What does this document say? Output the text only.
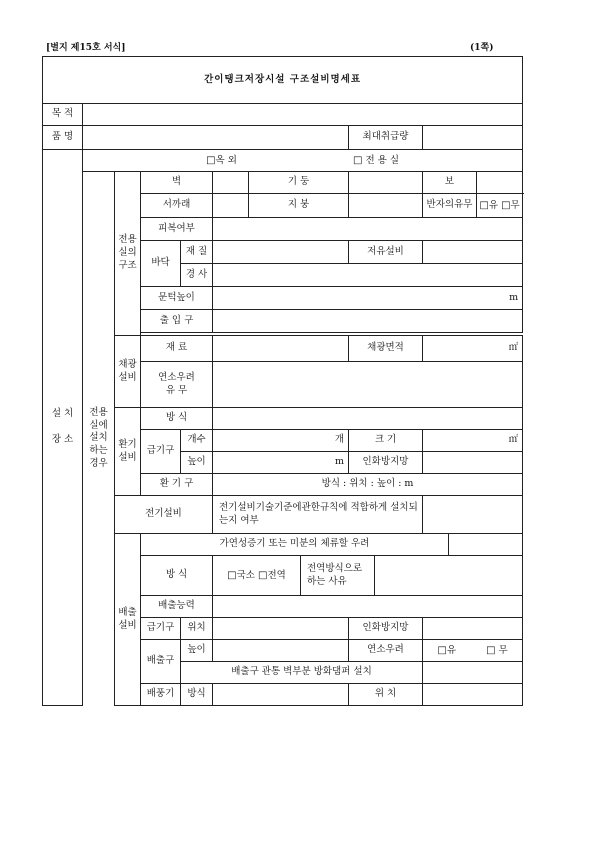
[별지 제15호 서식]	(1쪽)
간이탱크저장시설 구조설비명세표												
목 적												
품 명								최대취급량				
설 치

장 소	□옥 외 □ 전 용 실											
	전용실에 설치하는 경우	전용실의구조	벽			기 둥				보		
			서까래			지 붕				반자의유무		□유 □무
			피복여부									
			바닥	재 질				저유설비				
				경 사								
			문턱높이		m							
			출 입 구									

		채광설비	재 료					채광면적		㎡		
			연소우려
유 무									
		환기설비	방 식									
			급기구	개수	개			크 기		㎡		
				높이	m			인화방지망				
			환 기 구		방식 : 위치 : 높이 : m							
		전기설비			전기설비기술기준에관한규칙에 적합하게 설치되는지 여부							
		배출설비	가연성증기 또는 미분의 체류할 우려									
			방 식		□국소 □전역		전역방식으로 하는 사유					
			배출능력									
			급기구	위치				인화방지망				
			배출구	높이				연소우려		□유 □ 무		
				배출구 관통 벽부분 방화댐퍼 설치								
			배풍기	방식				위 치				
